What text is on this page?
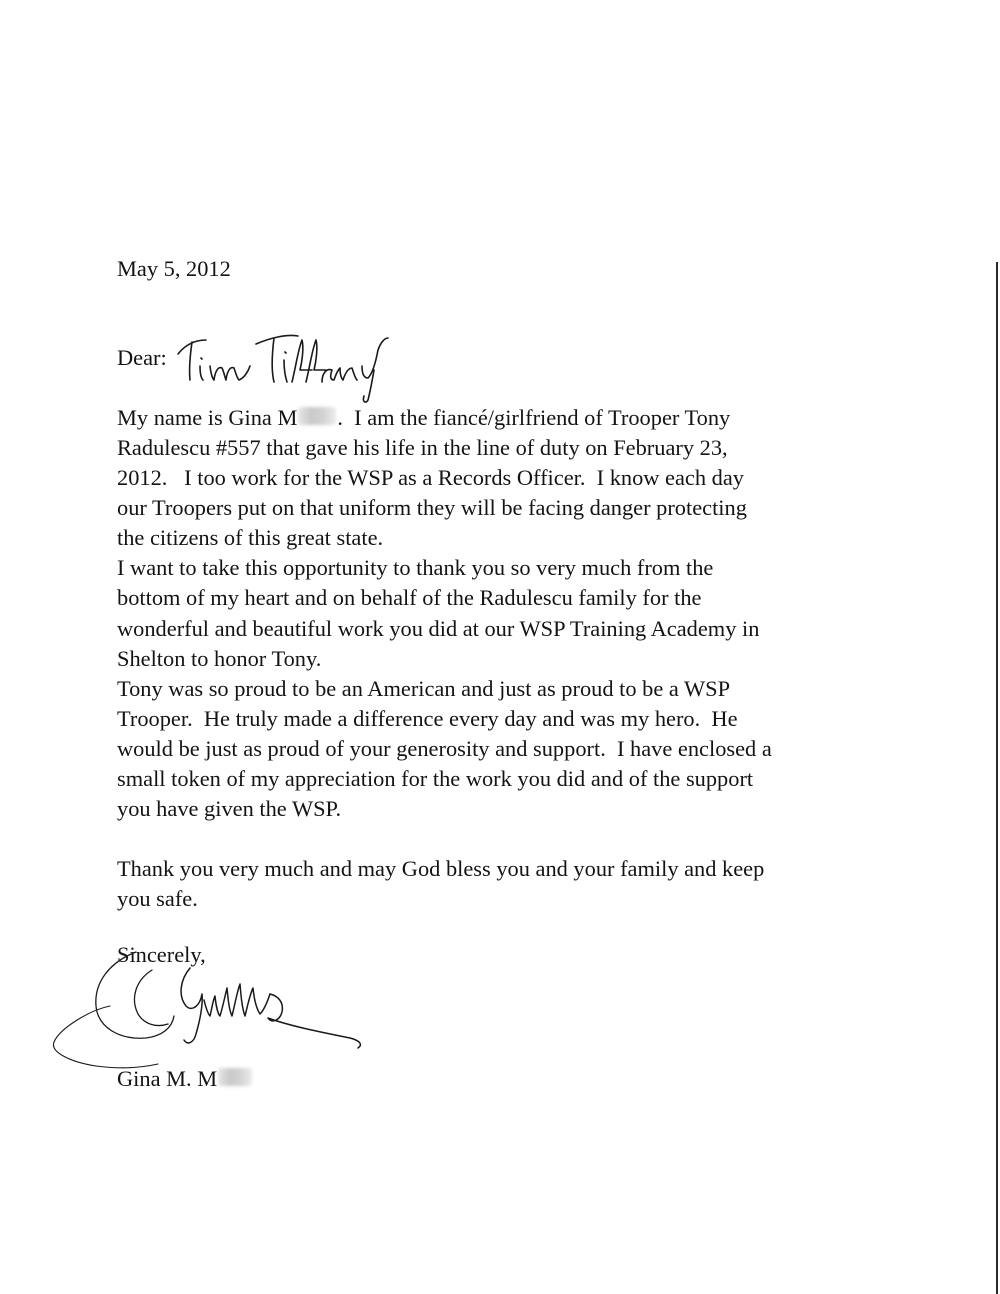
May 5, 2012
Dear:
My name is Gina M .  I am the fiancé/girlfriend of Trooper Tony
Radulescu #557 that gave his life in the line of duty on February 23,
2012.   I too work for the WSP as a Records Officer.  I know each day
our Troopers put on that uniform they will be facing danger protecting
the citizens of this great state.
I want to take this opportunity to thank you so very much from the
bottom of my heart and on behalf of the Radulescu family for the
wonderful and beautiful work you did at our WSP Training Academy in
Shelton to honor Tony.
Tony was so proud to be an American and just as proud to be a WSP
Trooper.  He truly made a difference every day and was my hero.  He
would be just as proud of your generosity and support.  I have enclosed a
small token of my appreciation for the work you did and of the support
you have given the WSP.
Thank you very much and may God bless you and your family and keep
you safe.
Sincerely,
Gina M. M
